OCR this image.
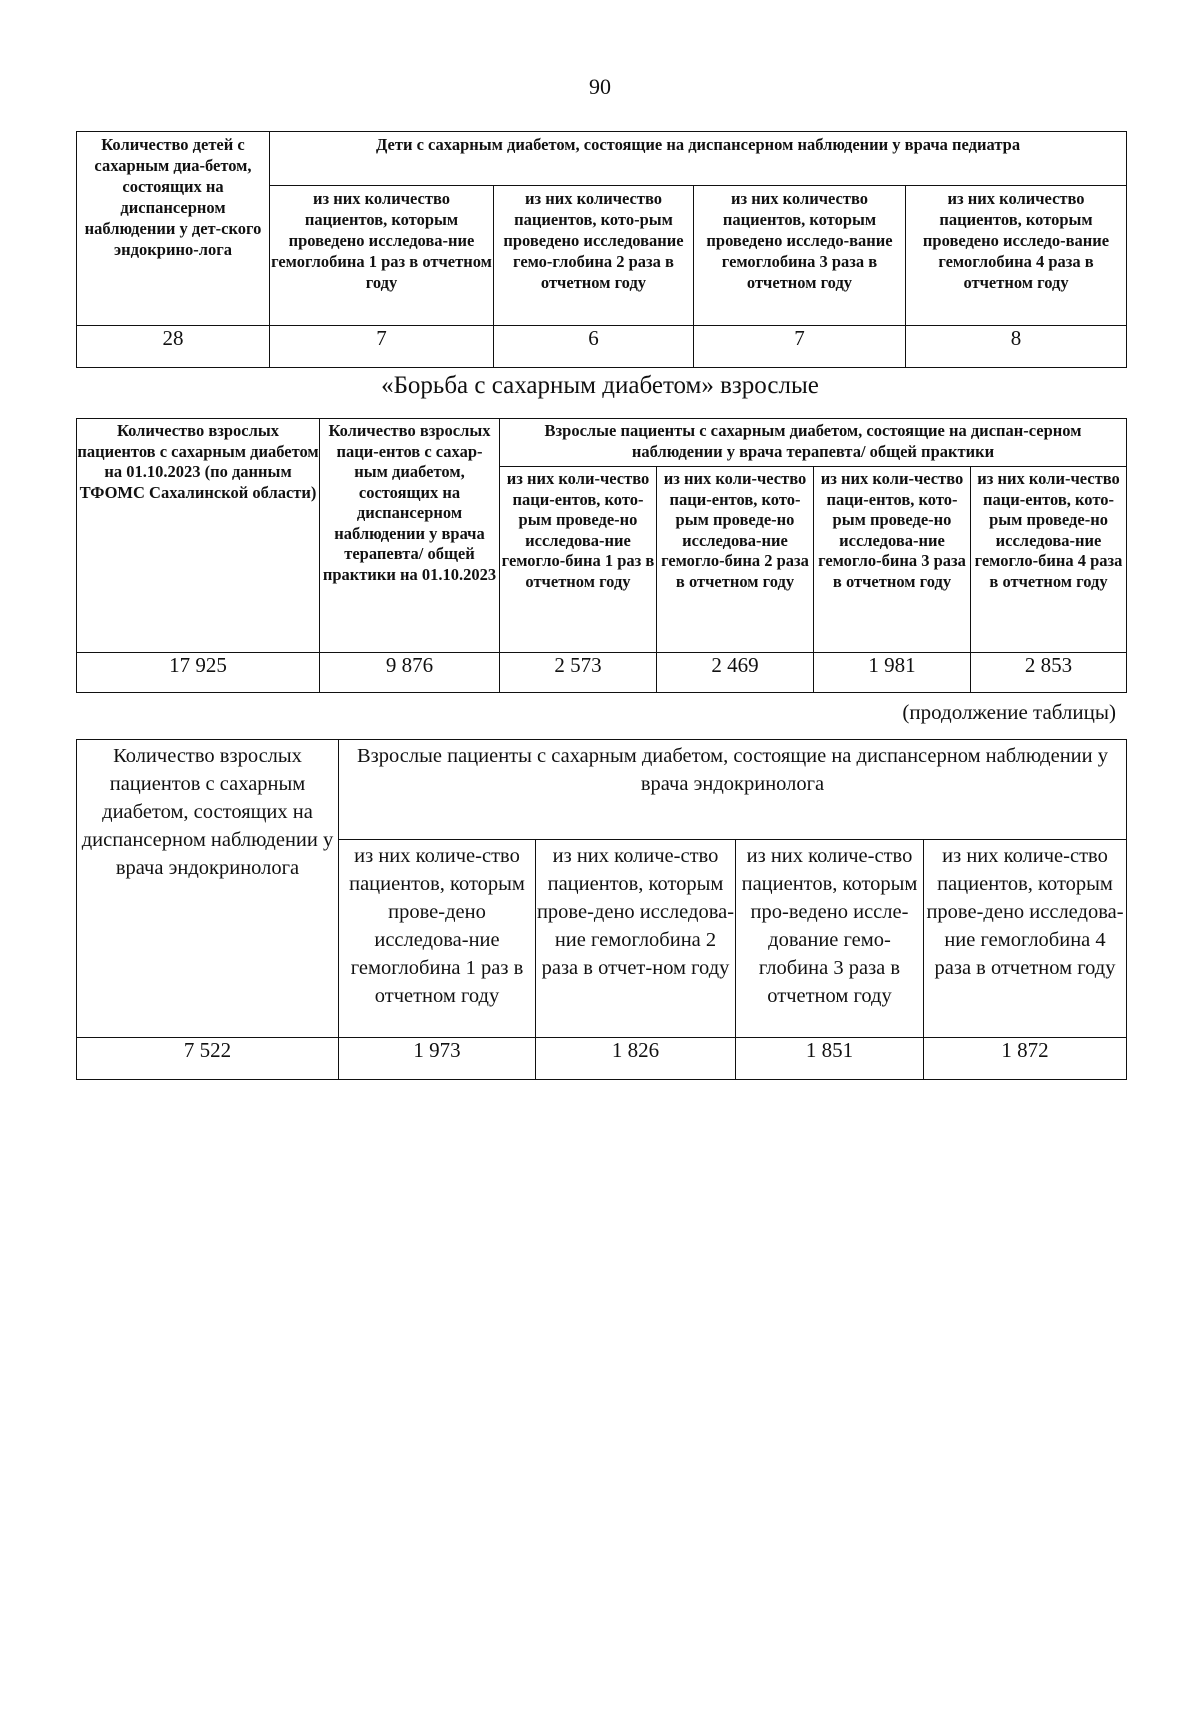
90
Количество детей с сахарным диа-бетом, состоящих на диспансерном наблюдении у дет-ского эндокрино-лога	Дети с сахарным диабетом, состоящие на диспансерном наблюдении у врача педиатра			
	из них количество пациентов, которым проведено исследова-ние гемоглобина 1 раз в отчетном году	из них количество пациентов, кото-рым проведено исследование гемо-глобина 2 раза в отчетном году	из них количество пациентов, которым проведено исследо-вание гемоглобина 3 раза в отчетном году	из них количество пациентов, которым проведено исследо-вание гемоглобина 4 раза в отчетном году
28	7	6	7	8
«Борьба с сахарным диабетом» взрослые
Количество взрослых пациентов с сахарным диабетом на 01.10.2023 (по данным ТФОМС Сахалинской области)	Количество взрослых паци-ентов с сахар-ным диабетом, состоящих на диспансерном наблюдении у врача терапевта/ общей практики на 01.10.2023	Взрослые пациенты с сахарным диабетом, состоящие на диспан-серном наблюдении у врача терапевта/ общей практики			
		из них коли-чество паци-ентов, кото-рым проведе-но исследова-ние гемогло-бина 1 раз в отчетном году	из них коли-чество паци-ентов, кото-рым проведе-но исследова-ние гемогло-бина 2 раза в отчетном году	из них коли-чество паци-ентов, кото-рым проведе-но исследова-ние гемогло-бина 3 раза в отчетном году	из них коли-чество паци-ентов, кото-рым проведе-но исследова-ние гемогло-бина 4 раза в отчетном году
17 925	9 876	2 573	2 469	1 981	2 853
(продолжение таблицы)
Количество взрослых пациентов с сахарным диабетом, состоящих на диспансерном наблюдении у врача эндокринолога	Взрослые пациенты с сахарным диабетом, состоящие на диспансерном наблюдении у врача эндокринолога			
	из них количе-ство пациентов, которым прове-дено исследова-ние гемоглобина 1 раз в отчетном году	из них количе-ство пациентов, которым прове-дено исследова-ние гемоглобина 2 раза в отчет-ном году	из них количе-ство пациентов, которым про-ведено иссле-дование гемо-глобина 3 раза в отчетном году	из них количе-ство пациентов, которым прове-дено исследова-ние гемоглобина 4 раза в отчетном году
7 522	1 973	1 826	1 851	1 872
